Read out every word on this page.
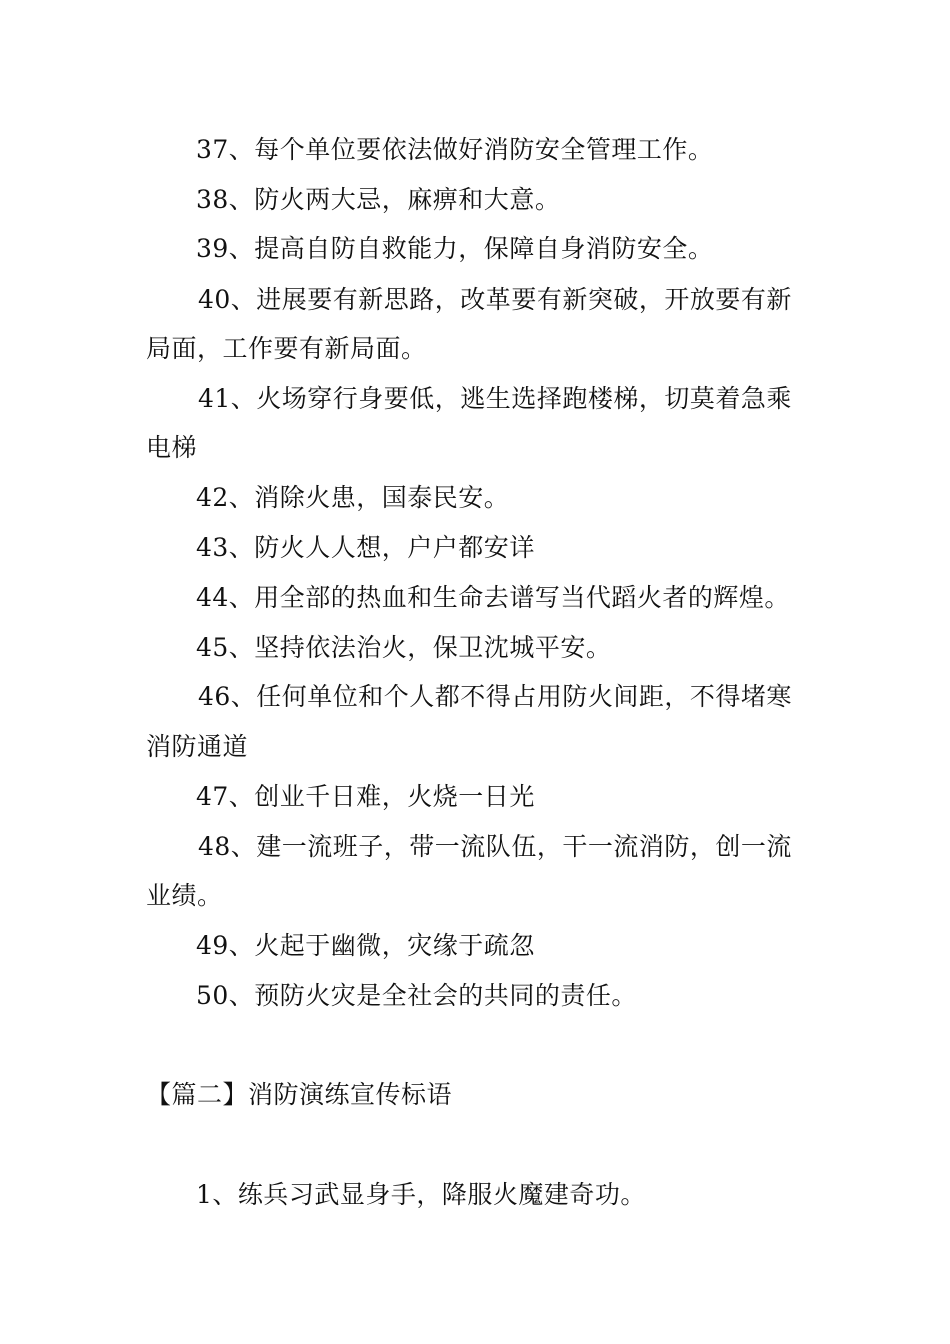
37、每个单位要依法做好消防安全管理工作。

38、防火两大忌，麻痹和大意。

39、提高自防自救能力，保障自身消防安全。

40、进展要有新思路，改革要有新突破，开放要有新

局面，工作要有新局面。

41、火场穿行身要低，逃生选择跑楼梯，切莫着急乘

电梯

42、消除火患，国泰民安。

43、防火人人想，户户都安详

44、用全部的热血和生命去谱写当代蹈火者的辉煌。

45、坚持依法治火，保卫沈城平安。

46、任何单位和个人都不得占用防火间距，不得堵寒

消防通道

47、创业千日难，火烧一日光

48、建一流班子，带一流队伍，干一流消防，创一流

业绩。

49、火起于幽微，灾缘于疏忽

50、预防火灾是全社会的共同的责任。

【篇二】消防演练宣传标语

1、练兵习武显身手，降服火魔建奇功。
